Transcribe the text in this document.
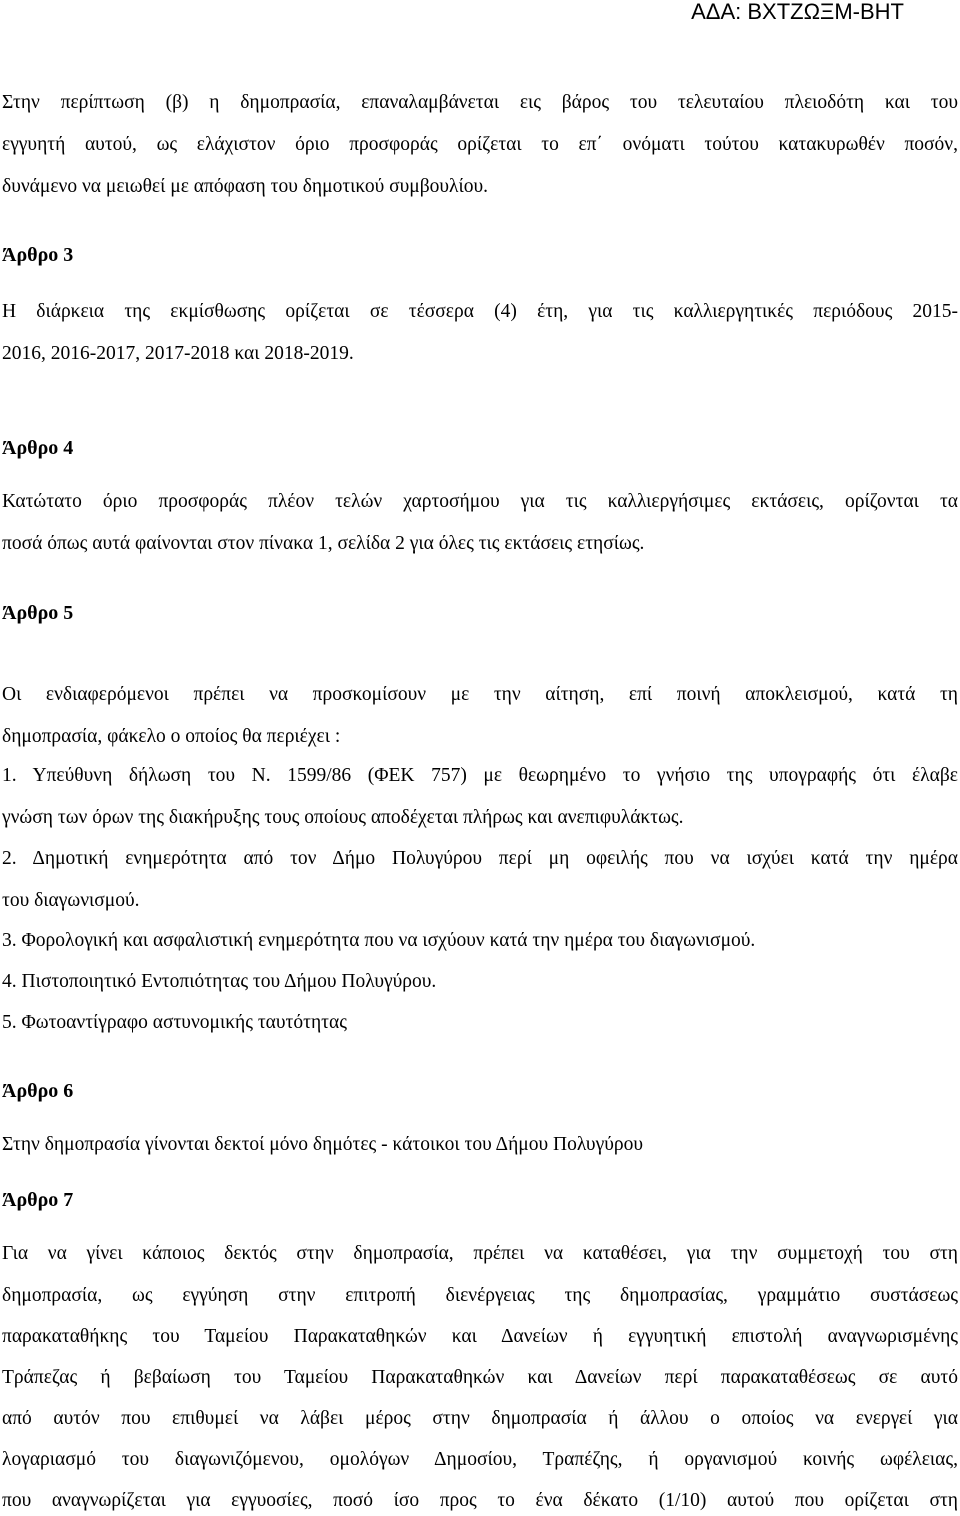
ΑΔΑ: ΒΧΤΖΩΞΜ-ΒΗΤ
Στην περίπτωση (β) η δημοπρασία, επαναλαμβάνεται εις βάρος του τελευταίου πλειοδότη και του
εγγυητή αυτού, ως ελάχιστον όριο προσφοράς ορίζεται το επ΄ ονόματι τούτου κατακυρωθέν ποσόν,
δυνάμενο να μειωθεί με απόφαση του δημοτικού συμβουλίου.
Άρθρο 3
Η διάρκεια της εκμίσθωσης ορίζεται σε τέσσερα (4) έτη, για τις καλλιεργητικές περιόδους 2015-
2016, 2016-2017, 2017-2018 και 2018-2019.
Άρθρο 4
Κατώτατο όριο προσφοράς πλέον τελών χαρτοσήμου για τις καλλιεργήσιμες εκτάσεις, ορίζονται τα
ποσά όπως αυτά φαίνονται στον πίνακα 1, σελίδα 2 για όλες τις εκτάσεις ετησίως.
Άρθρο 5
Οι ενδιαφερόμενοι πρέπει να προσκομίσουν με την αίτηση, επί ποινή αποκλεισμού, κατά τη
δημοπρασία, φάκελο ο οποίος θα περιέχει :
1. Υπεύθυνη δήλωση του Ν. 1599/86 (ΦΕΚ 757) με θεωρημένο το γνήσιο της υπογραφής ότι έλαβε
γνώση των όρων της διακήρυξης τους οποίους αποδέχεται πλήρως και ανεπιφυλάκτως.
2. Δημοτική ενημερότητα από τον Δήμο Πολυγύρου περί μη οφειλής που να ισχύει κατά την ημέρα
του διαγωνισμού.
3. Φορολογική και ασφαλιστική ενημερότητα που να ισχύουν κατά την ημέρα του διαγωνισμού.
4. Πιστοποιητικό Εντοπιότητας του Δήμου Πολυγύρου.
5. Φωτοαντίγραφο αστυνομικής ταυτότητας
Άρθρο 6
Στην δημοπρασία γίνονται δεκτοί μόνο δημότες - κάτοικοι του Δήμου Πολυγύρου
Άρθρο 7
Για να γίνει κάποιος δεκτός στην δημοπρασία, πρέπει να καταθέσει, για την συμμετοχή του στη
δημοπρασία, ως εγγύηση στην επιτροπή διενέργειας της δημοπρασίας, γραμμάτιο συστάσεως
παρακαταθήκης του Ταμείου Παρακαταθηκών και Δανείων ή εγγυητική επιστολή αναγνωρισμένης
Τράπεζας ή βεβαίωση του Ταμείου Παρακαταθηκών και Δανείων περί παρακαταθέσεως σε αυτό
από αυτόν που επιθυμεί να λάβει μέρος στην δημοπρασία ή άλλου ο οποίος να ενεργεί για
λογαριασμό του διαγωνιζόμενου, ομολόγων Δημοσίου, Τραπέζης, ή οργανισμού κοινής ωφέλειας,
που αναγνωρίζεται για εγγυοσίες, ποσό ίσο προς το ένα δέκατο (1/10) αυτού που ορίζεται στη
